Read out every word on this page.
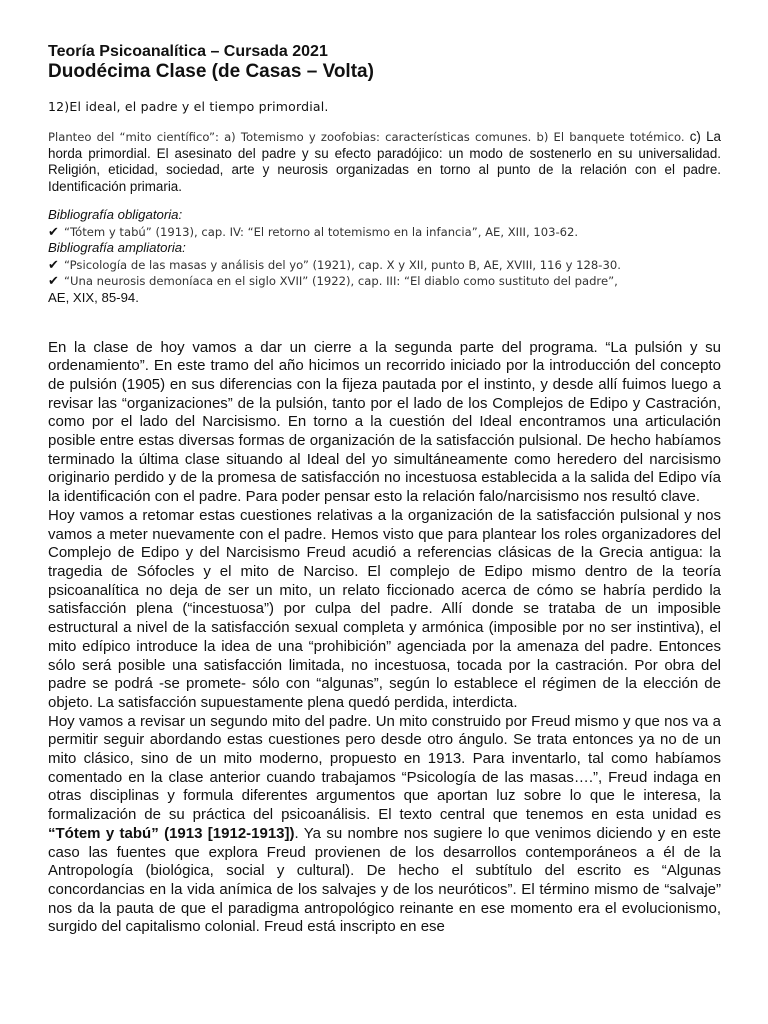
Teoría Psicoanalítica – Cursada 2021
Duodécima Clase (de Casas – Volta)
12)El ideal, el padre y el tiempo primordial.
Planteo del “mito científico”: a) Totemismo y zoofobias: características comunes. b) El banquete totémico. c) La horda primordial. El asesinato del padre y su efecto paradójico: un modo de sostenerlo en su universalidad. Religión, eticidad, sociedad, arte y neurosis organizadas en torno al punto de la relación con el padre. Identificación primaria.
Bibliografía obligatoria:
✔ “Tótem y tabú” (1913), cap. IV: “El retorno al totemismo en la infancia”, AE, XIII, 103-62.
Bibliografía ampliatoria:
✔ “Psicología de las masas y análisis del yo” (1921), cap. X y XII, punto B, AE, XVIII, 116 y 128-30.
✔ “Una neurosis demoníaca en el siglo XVII” (1922), cap. III: “El diablo como sustituto del padre”,
AE, XIX, 85-94.

En la clase de hoy vamos a dar un cierre a la segunda parte del programa. “La pulsión y su ordenamiento”. En este tramo del año hicimos un recorrido iniciado por la introducción del concepto de pulsión (1905) en sus diferencias con la fijeza pautada por el instinto, y desde allí fuimos luego a revisar las “organizaciones” de la pulsión, tanto por el lado de los Complejos de Edipo y Castración, como por el lado del Narcisismo. En torno a la cuestión del Ideal encontramos una articulación posible entre estas diversas formas de organización de la satisfacción pulsional. De hecho habíamos terminado la última clase situando al Ideal del yo simultáneamente como heredero del narcisismo originario perdido y de la promesa de satisfacción no incestuosa establecida a la salida del Edipo vía la identificación con el padre. Para poder pensar esto la relación falo/narcisismo nos resultó clave.

Hoy vamos a retomar estas cuestiones relativas a la organización de la satisfacción pulsional y nos vamos a meter nuevamente con el padre. Hemos visto que para plantear los roles organizadores del Complejo de Edipo y del Narcisismo Freud acudió a referencias clásicas de la Grecia antigua: la tragedia de Sófocles y el mito de Narciso. El complejo de Edipo mismo dentro de la teoría psicoanalítica no deja de ser un mito, un relato ficcionado acerca de cómo se habría perdido la satisfacción plena (“incestuosa”) por culpa del padre. Allí donde se trataba de un imposible estructural a nivel de la satisfacción sexual completa y armónica (imposible por no ser instintiva), el mito edípico introduce la idea de una “prohibición” agenciada por la amenaza del padre. Entonces sólo será posible una satisfacción limitada, no incestuosa, tocada por la castración. Por obra del padre se podrá -se promete- sólo con “algunas”, según lo establece el régimen de la elección de objeto. La satisfacción supuestamente plena quedó perdida, interdicta.

Hoy vamos a revisar un segundo mito del padre. Un mito construido por Freud mismo y que nos va a permitir seguir abordando estas cuestiones pero desde otro ángulo. Se trata entonces ya no de un mito clásico, sino de un mito moderno, propuesto en 1913. Para inventarlo, tal como habíamos comentado en la clase anterior cuando trabajamos “Psicología de las masas….”, Freud indaga en otras disciplinas y formula diferentes argumentos que aportan luz sobre lo que le interesa, la formalización de su práctica del psicoanálisis. El texto central que tenemos en esta unidad es “Tótem y tabú” (1913 [1912-1913]). Ya su nombre nos sugiere lo que venimos diciendo y en este caso las fuentes que explora Freud provienen de los desarrollos contemporáneos a él de la Antropología (biológica, social y cultural). De hecho el subtítulo del escrito es “Algunas concordancias en la vida anímica de los salvajes y de los neuróticos”. El término mismo de “salvaje” nos da la pauta de que el paradigma antropológico reinante en ese momento era el evolucionismo, surgido del capitalismo colonial. Freud está inscripto en ese
